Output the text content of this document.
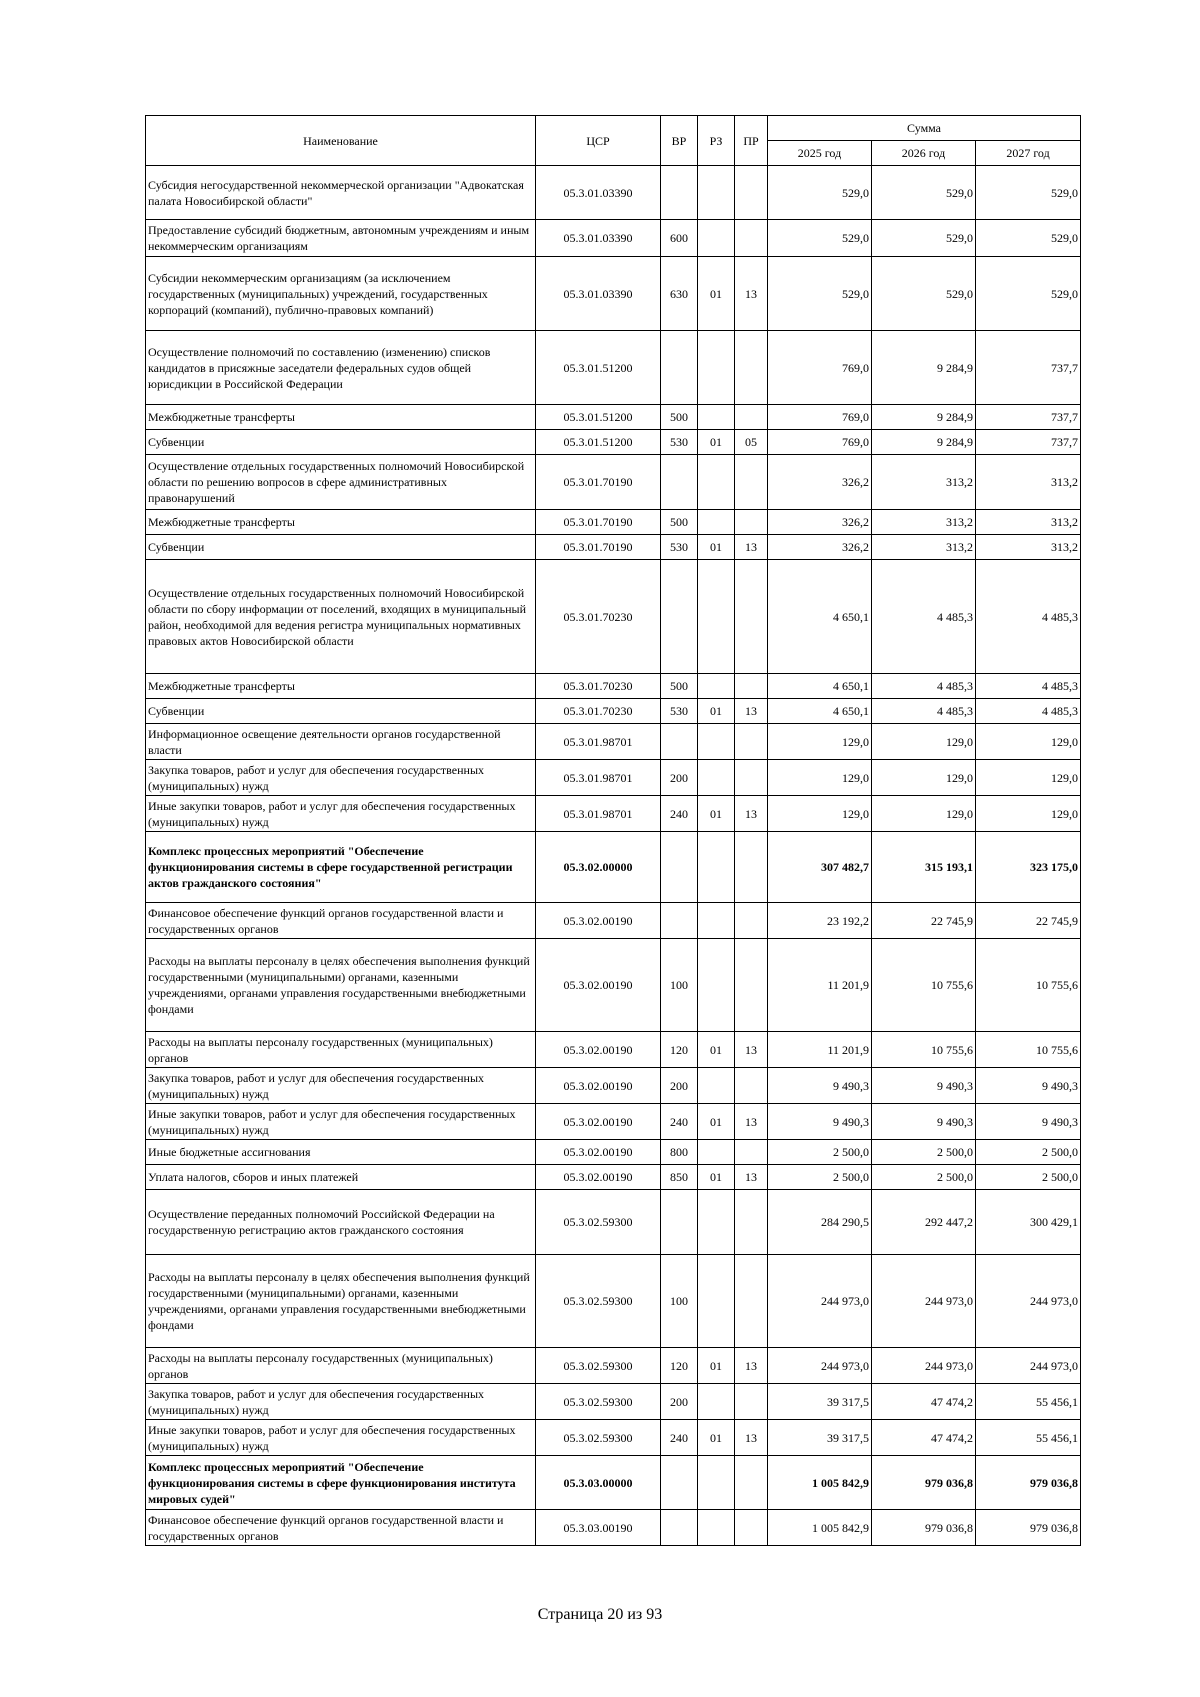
Наименование	ЦСР	ВР	РЗ	ПР	Сумма		
					2025 год	2026 год	2027 год
Субсидия негосударственной некоммерческой организации "Адвокатская палата Новосибирской области"	05.3.01.03390				529,0	529,0	529,0
Предоставление субсидий бюджетным, автономным учреждениям и иным некоммерческим организациям	05.3.01.03390	600			529,0	529,0	529,0
Субсидии некоммерческим организациям (за исключением государственных (муниципальных) учреждений, государственных корпораций (компаний), публично-правовых компаний)	05.3.01.03390	630	01	13	529,0	529,0	529,0
Осуществление полномочий по составлению (изменению) списков кандидатов в присяжные заседатели федеральных судов общей юрисдикции в Российской Федерации	05.3.01.51200				769,0	9 284,9	737,7
Межбюджетные трансферты	05.3.01.51200	500			769,0	9 284,9	737,7
Субвенции	05.3.01.51200	530	01	05	769,0	9 284,9	737,7
Осуществление отдельных государственных полномочий Новосибирской области по решению вопросов в сфере административных правонарушений	05.3.01.70190				326,2	313,2	313,2
Межбюджетные трансферты	05.3.01.70190	500			326,2	313,2	313,2
Субвенции	05.3.01.70190	530	01	13	326,2	313,2	313,2
Осуществление отдельных государственных полномочий Новосибирской области по сбору информации от поселений, входящих в муниципальный район, необходимой для ведения регистра муниципальных нормативных правовых актов Новосибирской области	05.3.01.70230				4 650,1	4 485,3	4 485,3
Межбюджетные трансферты	05.3.01.70230	500			4 650,1	4 485,3	4 485,3
Субвенции	05.3.01.70230	530	01	13	4 650,1	4 485,3	4 485,3
Информационное освещение деятельности органов государственной власти	05.3.01.98701				129,0	129,0	129,0
Закупка товаров, работ и услуг для обеспечения государственных (муниципальных) нужд	05.3.01.98701	200			129,0	129,0	129,0
Иные закупки товаров, работ и услуг для обеспечения государственных (муниципальных) нужд	05.3.01.98701	240	01	13	129,0	129,0	129,0
Комплекс процессных мероприятий "Обеспечение функционирования системы в сфере государственной регистрации актов гражданского состояния"	05.3.02.00000				307 482,7	315 193,1	323 175,0
Финансовое обеспечение функций органов государственной власти и государственных органов	05.3.02.00190				23 192,2	22 745,9	22 745,9
Расходы на выплаты персоналу в целях обеспечения выполнения функций государственными (муниципальными) органами, казенными учреждениями, органами управления государственными внебюджетными фондами	05.3.02.00190	100			11 201,9	10 755,6	10 755,6
Расходы на выплаты персоналу государственных (муниципальных) органов	05.3.02.00190	120	01	13	11 201,9	10 755,6	10 755,6
Закупка товаров, работ и услуг для обеспечения государственных (муниципальных) нужд	05.3.02.00190	200			9 490,3	9 490,3	9 490,3
Иные закупки товаров, работ и услуг для обеспечения государственных (муниципальных) нужд	05.3.02.00190	240	01	13	9 490,3	9 490,3	9 490,3
Иные бюджетные ассигнования	05.3.02.00190	800			2 500,0	2 500,0	2 500,0
Уплата налогов, сборов и иных платежей	05.3.02.00190	850	01	13	2 500,0	2 500,0	2 500,0
Осуществление переданных полномочий Российской Федерации на государственную регистрацию актов гражданского состояния	05.3.02.59300				284 290,5	292 447,2	300 429,1
Расходы на выплаты персоналу в целях обеспечения выполнения функций государственными (муниципальными) органами, казенными учреждениями, органами управления государственными внебюджетными фондами	05.3.02.59300	100			244 973,0	244 973,0	244 973,0
Расходы на выплаты персоналу государственных (муниципальных) органов	05.3.02.59300	120	01	13	244 973,0	244 973,0	244 973,0
Закупка товаров, работ и услуг для обеспечения государственных (муниципальных) нужд	05.3.02.59300	200			39 317,5	47 474,2	55 456,1
Иные закупки товаров, работ и услуг для обеспечения государственных (муниципальных) нужд	05.3.02.59300	240	01	13	39 317,5	47 474,2	55 456,1
Комплекс процессных мероприятий "Обеспечение функционирования системы в сфере функционирования института мировых судей"	05.3.03.00000				1 005 842,9	979 036,8	979 036,8
Финансовое обеспечение функций органов государственной власти и государственных органов	05.3.03.00190				1 005 842,9	979 036,8	979 036,8
Страница 20 из 93
